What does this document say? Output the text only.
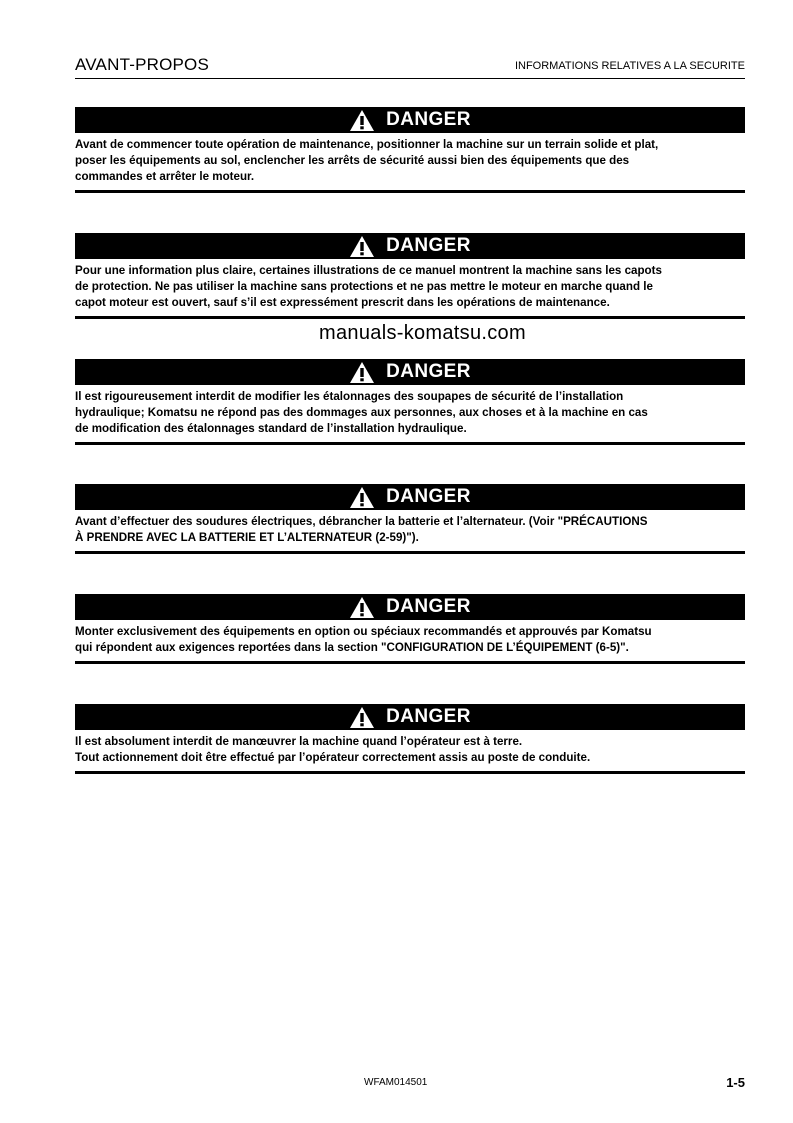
AVANT-PROPOS	INFORMATIONS RELATIVES A LA SECURITE
DANGER

Avant de commencer toute opération de maintenance, positionner la machine sur un terrain solide et plat,

poser les équipements au sol, enclencher les arrêts de sécurité aussi bien des équipements que des

commandes et arrêter le moteur.

DANGER

Pour une information plus claire, certaines illustrations de ce manuel montrent la machine sans les capots

de protection. Ne pas utiliser la machine sans protections et ne pas mettre le moteur en marche quand le

capot moteur est ouvert, sauf s’il est expressément prescrit dans les opérations de maintenance.

manuals-komatsu.com
DANGER

Il est rigoureusement interdit de modifier les étalonnages des soupapes de sécurité de l’installation

hydraulique; Komatsu ne répond pas des dommages aux personnes, aux choses et à la machine en cas

de modification des étalonnages standard de l’installation hydraulique.

DANGER

Avant d’effectuer des soudures électriques, débrancher la batterie et l’alternateur. (Voir "PRÉCAUTIONS

À PRENDRE AVEC LA BATTERIE ET L’ALTERNATEUR (2-59)").

DANGER

Monter exclusivement des équipements en option ou spéciaux recommandés et approuvés par Komatsu

qui répondent aux exigences reportées dans la section "CONFIGURATION DE L’ÉQUIPEMENT (6-5)".

DANGER

Il est absolument interdit de manœuvrer la machine quand l’opérateur est à terre.

Tout actionnement doit être effectué par l’opérateur correctement assis au poste de conduite.

WFAM014501	1-5
